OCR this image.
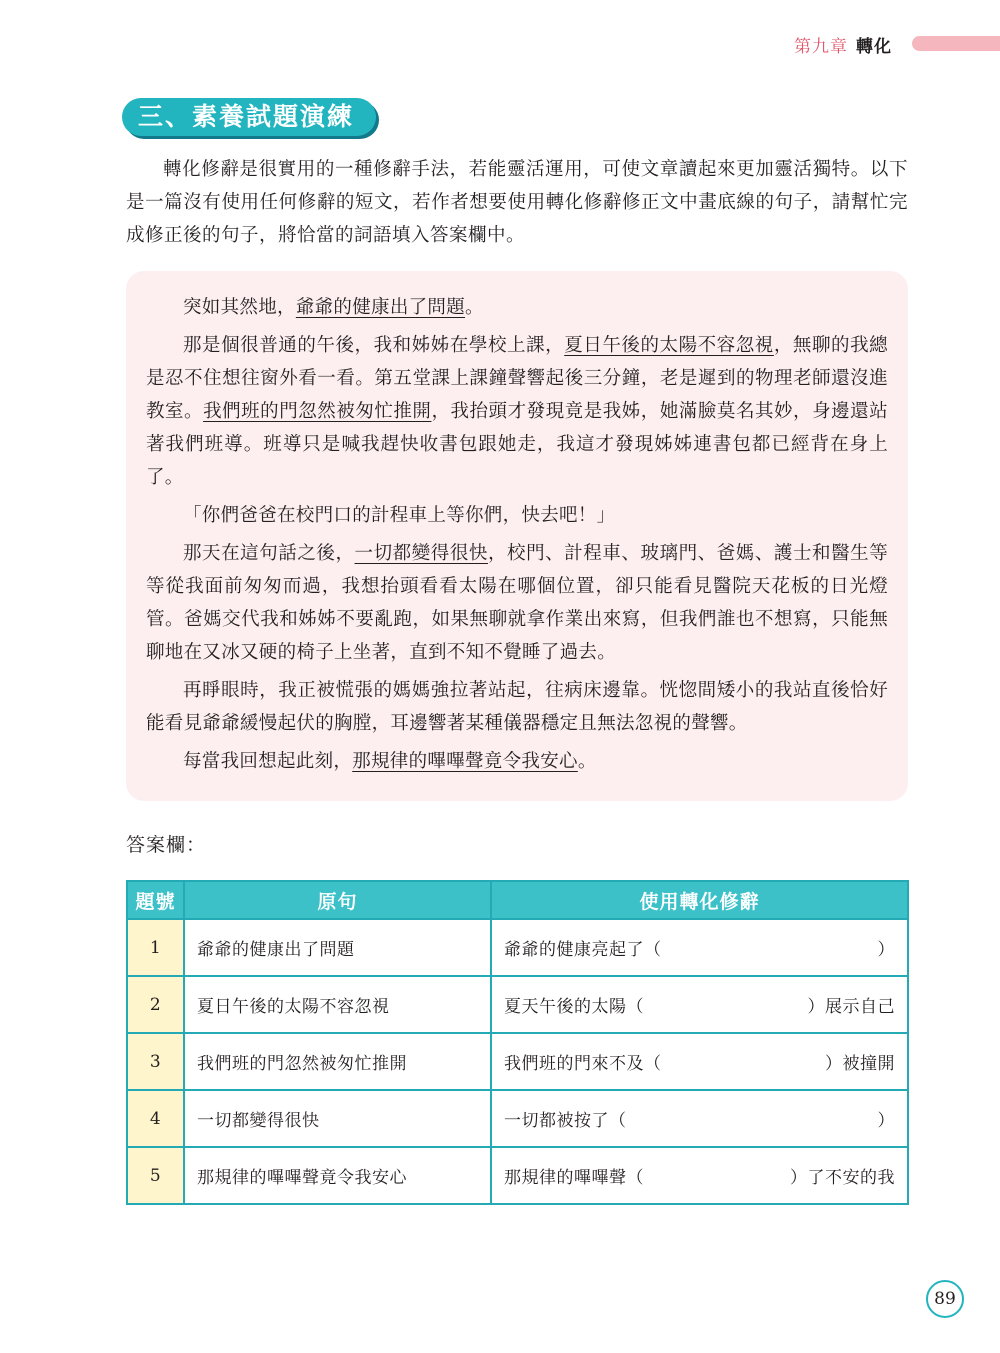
第九章 轉化
三、素養試題演練

轉化修辭是很實用的一種修辭手法，若能靈活運用，可使文章讀起來更加靈活獨特。以下是一篇沒有使用任何修辭的短文，若作者想要使用轉化修辭修正文中畫底線的句子，請幫忙完成修正後的句子，將恰當的詞語填入答案欄中。

突如其然地，爺爺的健康出了問題。

那是個很普通的午後，我和姊姊在學校上課，夏日午後的太陽不容忽視，無聊的我總是忍不住想往窗外看一看。第五堂課上課鐘聲響起後三分鐘，老是遲到的物理老師還沒進教室。我們班的門忽然被匆忙推開，我抬頭才發現竟是我姊，她滿臉莫名其妙，身邊還站著我們班導。班導只是喊我趕快收書包跟她走，我這才發現姊姊連書包都已經背在身上了。

「你們爸爸在校門口的計程車上等你們，快去吧！」

那天在這句話之後，一切都變得很快，校門、計程車、玻璃門、爸媽、護士和醫生等等從我面前匆匆而過，我想抬頭看看太陽在哪個位置，卻只能看見醫院天花板的日光燈管。爸媽交代我和姊姊不要亂跑，如果無聊就拿作業出來寫，但我們誰也不想寫，只能無聊地在又冰又硬的椅子上坐著，直到不知不覺睡了過去。

再睜眼時，我正被慌張的媽媽強拉著站起，往病床邊靠。恍惚間矮小的我站直後恰好能看見爺爺緩慢起伏的胸膛，耳邊響著某種儀器穩定且無法忽視的聲響。

每當我回想起此刻，那規律的嗶嗶聲竟令我安心。

答案欄：
題號	原句	使用轉化修辭
1	爺爺的健康出了問題	爺爺的健康亮起了（ ）

2	夏日午後的太陽不容忽視	夏天午後的太陽（ ）展示自己

3	我們班的門忽然被匆忙推開	我們班的門來不及（ ）被撞開

4	一切都變得很快	一切都被按了（ ）

5	那規律的嗶嗶聲竟令我安心	那規律的嗶嗶聲（ ）了不安的我
89
